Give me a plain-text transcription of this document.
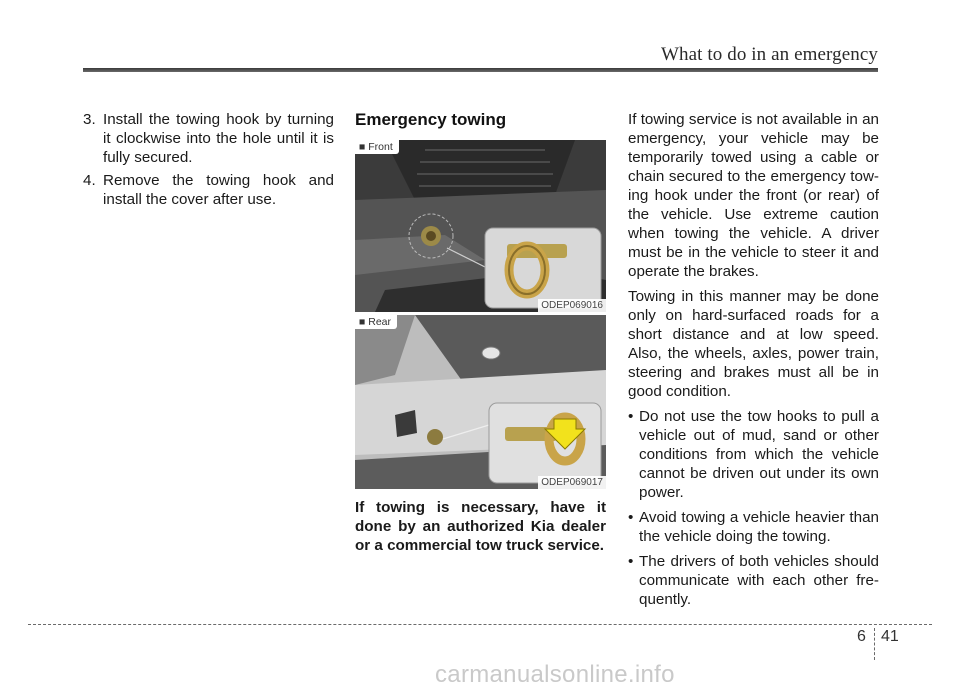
What to do in an emergency
3. Install the towing hook by turning it clockwise into the hole until it is fully secured.
4. Remove the towing hook and install the cover after use.
Emergency towing
■ Front
ODEP069016
■ Rear
ODEP069017

If towing is necessary, have it done by an authorized Kia dealer or a commercial tow truck service.

If towing service is not available in an emergency, your vehicle may be temporarily towed using a cable or chain secured to the emergency tow-ing hook under the front (or rear) of the vehicle. Use extreme caution when towing the vehicle. A driver must be in the vehicle to steer it and operate the brakes.

Towing in this manner may be done only on hard-surfaced roads for a short distance and at low speed. Also, the wheels, axles, power train, steering and brakes must all be in good condition.

• Do not use the tow hooks to pull a vehicle out of mud, sand or other conditions from which the vehicle cannot be driven out under its own power.
• Avoid towing a vehicle heavier than the vehicle doing the towing.
• The drivers of both vehicles should communicate with each other fre-quently.
6 41
carmanualsonline.info
